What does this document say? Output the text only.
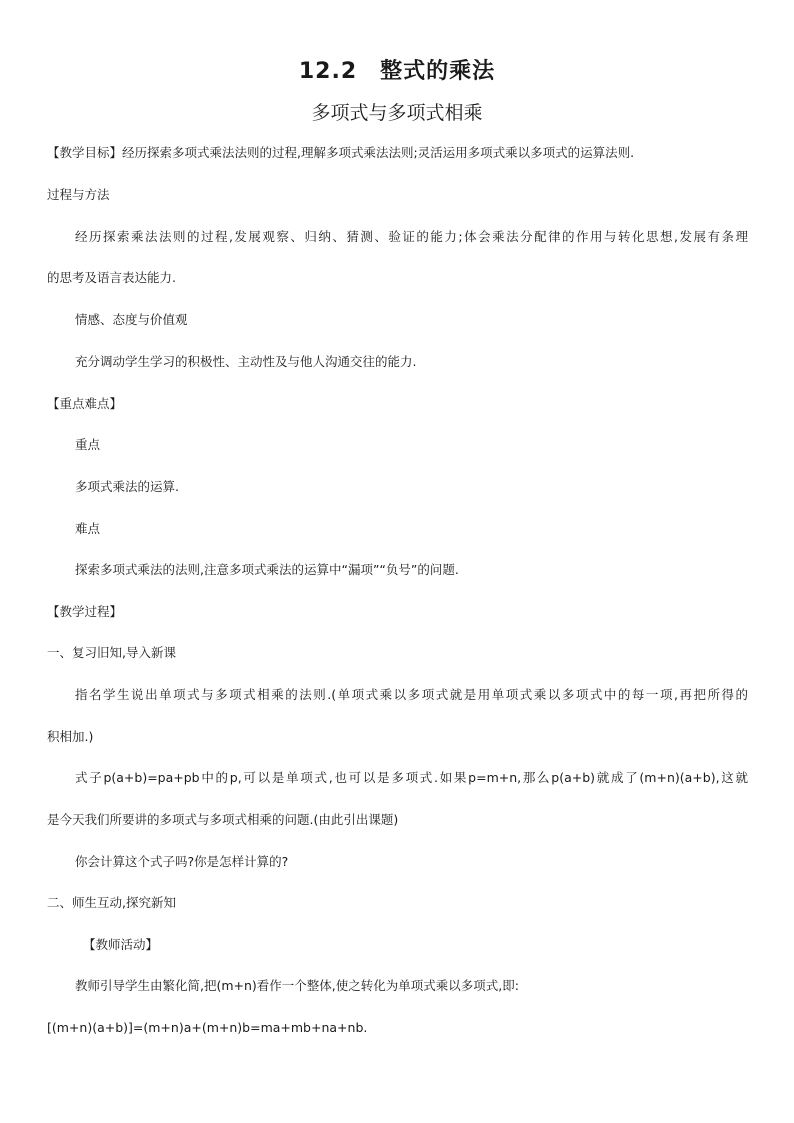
12.2　整式的乘法
多项式与多项式相乘
【教学目标】经历探索多项式乘法法则的过程,理解多项式乘法法则;灵活运用多项式乘以多项式的运算法则.
过程与方法
经历探索乘法法则的过程,发展观察、归纳、猜测、验证的能力;体会乘法分配律的作用与转化思想,发展有条理
的思考及语言表达能力.
情感、态度与价值观
充分调动学生学习的积极性、主动性及与他人沟通交往的能力.
【重点难点】
重点
多项式乘法的运算.
难点
探索多项式乘法的法则,注意多项式乘法的运算中“漏项”“负号”的问题.
【教学过程】
一、复习旧知,导入新课
指名学生说出单项式与多项式相乘的法则.(单项式乘以多项式就是用单项式乘以多项式中的每一项,再把所得的
积相加.)
式子p(a+b)=pa+pb中的p,可以是单项式,也可以是多项式.如果p=m+n,那么p(a+b)就成了(m+n)(a+b),这就
是今天我们所要讲的多项式与多项式相乘的问题.(由此引出课题)
你会计算这个式子吗?你是怎样计算的?
二、师生互动,探究新知
【教师活动】
教师引导学生由繁化简,把(m+n)看作一个整体,使之转化为单项式乘以多项式,即:
[(m+n)(a+b)]=(m+n)a+(m+n)b=ma+mb+na+nb.
